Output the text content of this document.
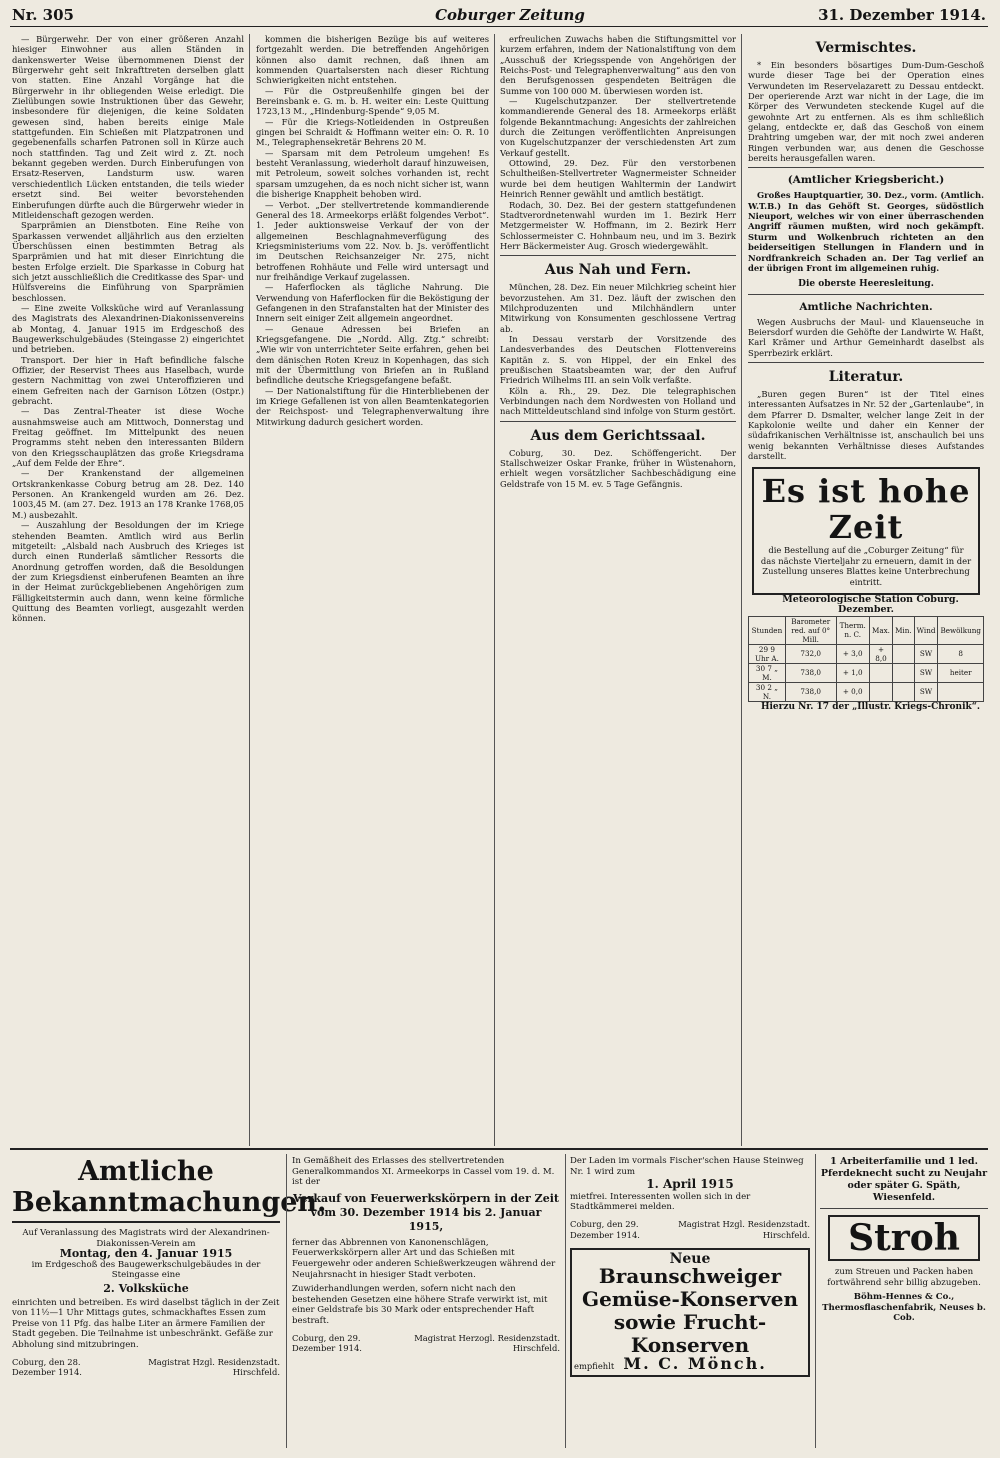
Nr. 305	Coburger Zeitung	31. Dezember 1914.

— Bürgerwehr. Der von einer größeren Anzahl hiesiger Einwohner aus allen Ständen in dankenswerter Weise übernommenen Dienst der Bürgerwehr geht seit Inkrafttreten derselben glatt von statten. Eine Anzahl Vorgänge hat die Bürgerwehr in ihr obliegenden Weise erledigt. Die Zielübungen sowie Instruktionen über das Gewehr, insbesondere für diejenigen, die keine Soldaten gewesen sind, haben bereits einige Male stattgefunden. Ein Schießen mit Platzpatronen und gegebenenfalls scharfen Patronen soll in Kürze auch noch stattfinden. Tag und Zeit wird z. Zt. noch bekannt gegeben werden. Durch Einberufungen von Ersatz-Reserven, Landsturm usw. waren verschiedentlich Lücken entstanden, die teils wieder ersetzt sind. Bei weiter bevorstehenden Einberufungen dürfte auch die Bürgerwehr wieder in Mitleidenschaft gezogen werden.

Sparprämien an Dienstboten. Eine Reihe von Sparkassen verwendet alljährlich aus den erzielten Überschüssen einen bestimmten Betrag als Sparprämien und hat mit dieser Einrichtung die besten Erfolge erzielt. Die Sparkasse in Coburg hat sich jetzt ausschließlich die Creditkasse des Spar- und Hülfsvereins die Einführung von Sparprämien beschlossen.

— Eine zweite Volksküche wird auf Veranlassung des Magistrats des Alexandrinen-Diakonissenvereins ab Montag, 4. Januar 1915 im Erdgeschoß des Baugewerkschulgebäudes (Steingasse 2) eingerichtet und betrieben.

Transport. Der hier in Haft befindliche falsche Offizier, der Reservist Thees aus Haselbach, wurde gestern Nachmittag von zwei Unteroffizieren und einem Gefreiten nach der Garnison Lötzen (Ostpr.) gebracht.

— Das Zentral-Theater ist diese Woche ausnahmsweise auch am Mittwoch, Donnerstag und Freitag geöffnet. Im Mittelpunkt des neuen Programms steht neben den interessanten Bildern von den Kriegsschauplätzen das große Kriegsdrama „Auf dem Felde der Ehre“.

— Der Krankenstand der allgemeinen Ortskrankenkasse Coburg betrug am 28. Dez. 140 Personen. An Krankengeld wurden am 26. Dez. 1003,45 M. (am 27. Dez. 1913 an 178 Kranke 1768,05 M.) ausbezahlt.

— Auszahlung der Besoldungen der im Kriege stehenden Beamten. Amtlich wird aus Berlin mitgeteilt: „Alsbald nach Ausbruch des Krieges ist durch einen Runderlaß sämtlicher Ressorts die Anordnung getroffen worden, daß die Besoldungen der zum Kriegsdienst einberufenen Beamten an ihre in der Heimat zurückgebliebenen Angehörigen zum Fälligkeitstermin auch dann, wenn keine förmliche Quittung des Beamten vorliegt, ausgezahlt werden können.

kommen die bisherigen Bezüge bis auf weiteres fortgezahlt werden. Die betreffenden Angehörigen können also damit rechnen, daß ihnen am kommenden Quartalsersten nach dieser Richtung Schwierigkeiten nicht entstehen.

— Für die Ostpreußenhilfe gingen bei der Bereinsbank e. G. m. b. H. weiter ein: Leste Quittung 1723,13 M., „Hindenburg-Spende“ 9,05 M.

— Für die Kriegs-Notleidenden in Ostpreußen gingen bei Schraidt & Hoffmann weiter ein: O. R. 10 M., Telegraphensekretär Behrens 20 M.

— Sparsam mit dem Petroleum umgehen! Es besteht Veranlassung, wiederholt darauf hinzuweisen, mit Petroleum, soweit solches vorhanden ist, recht sparsam umzugehen, da es noch nicht sicher ist, wann die bisherige Knappheit behoben wird.

— Verbot. „Der stellvertretende kommandierende General des 18. Armeekorps erläßt folgendes Verbot“. 1. Jeder auktionsweise Verkauf der von der allgemeinen Beschlagnahmeverfügung des Kriegsministeriums vom 22. Nov. b. Js. veröffentlicht im Deutschen Reichsanzeiger Nr. 275, nicht betroffenen Rohhäute und Felle wird untersagt und nur freihändige Verkauf zugelassen.

— Haferflocken als tägliche Nahrung. Die Verwendung von Haferflocken für die Beköstigung der Gefangenen in den Strafanstalten hat der Minister des Innern seit einiger Zeit allgemein angeordnet.

— Genaue Adressen bei Briefen an Kriegsgefangene. Die „Nordd. Allg. Ztg.“ schreibt: „Wie wir von unterrichteter Seite erfahren, gehen bei dem dänischen Roten Kreuz in Kopenhagen, das sich mit der Übermittlung von Briefen an in Rußland befindliche deutsche Kriegsgefangene befaßt.

— Der Nationalstiftung für die Hinterbliebenen der im Kriege Gefallenen ist von allen Beamtenkategorien der Reichspost- und Telegraphenverwaltung ihre Mitwirkung dadurch gesichert worden.

erfreulichen Zuwachs haben die Stiftungsmittel vor kurzem erfahren, indem der Nationalstiftung von dem „Ausschuß der Kriegsspende von Angehörigen der Reichs-Post- und Telegraphenverwaltung“ aus den von den Berufsgenossen gespendeten Beiträgen die Summe von 100 000 M. überwiesen worden ist.

— Kugelschutzpanzer. Der stellvertretende kommandierende General des 18. Armeekorps erläßt folgende Bekanntmachung: Angesichts der zahlreichen durch die Zeitungen veröffentlichten Anpreisungen von Kugelschutzpanzer der verschiedensten Art zum Verkauf gestellt.

Ottowind, 29. Dez. Für den verstorbenen Schultheißen-Stellvertreter Wagnermeister Schneider wurde bei dem heutigen Wahltermin der Landwirt Heinrich Renner gewählt und amtlich bestätigt.

Rodach, 30. Dez. Bei der gestern stattgefundenen Stadtverordnetenwahl wurden im 1. Bezirk Herr Metzgermeister W. Hoffmann, im 2. Bezirk Herr Schlossermeister C. Hohnbaum neu, und im 3. Bezirk Herr Bäckermeister Aug. Grosch wiedergewählt.

Aus Nah und Fern.

München, 28. Dez. Ein neuer Milchkrieg scheint hier bevorzustehen. Am 31. Dez. läuft der zwischen den Milchproduzenten und Milchhändlern unter Mitwirkung von Konsumenten geschlossene Vertrag ab.

In Dessau verstarb der Vorsitzende des Landesverbandes des Deutschen Flottenvereins Kapitän z. S. von Hippel, der ein Enkel des preußischen Staatsbeamten war, der den Aufruf Friedrich Wilhelms III. an sein Volk verfaßte.

Köln a. Rh., 29. Dez. Die telegraphischen Verbindungen nach dem Nordwesten von Holland und nach Mitteldeutschland sind infolge von Sturm gestört.

Aus dem Gerichtssaal.

Coburg, 30. Dez. Schöffengericht. Der Stallschweizer Oskar Franke, früher in Wüstenahorn, erhielt wegen vorsätzlicher Sachbeschädigung eine Geldstrafe von 15 M. ev. 5 Tage Gefängnis.

Vermischtes.

* Ein besonders bösartiges Dum-Dum-Geschoß wurde dieser Tage bei der Operation eines Verwundeten im Reservelazarett zu Dessau entdeckt. Der operierende Arzt war nicht in der Lage, die im Körper des Verwundeten steckende Kugel auf die gewohnte Art zu entfernen. Als es ihm schließlich gelang, entdeckte er, daß das Geschoß von einem Drahtring umgeben war, der mit noch zwei anderen Ringen verbunden war, aus denen die Geschosse bereits herausgefallen waren.

(Amtlicher Kriegsbericht.)

Großes Hauptquartier, 30. Dez., vorm. (Amtlich. W.T.B.) In das Gehöft St. Georges, südöstlich Nieuport, welches wir von einer überraschenden Angriff räumen mußten, wird noch gekämpft. Sturm und Wolkenbruch richteten an den beiderseitigen Stellungen in Flandern und in Nordfrankreich Schaden an. Der Tag verlief an der übrigen Front im allgemeinen ruhig.

Die oberste Heeresleitung.

Amtliche Nachrichten.

Wegen Ausbruchs der Maul- und Klauenseuche in Beiersdorf wurden die Gehöfte der Landwirte W. Haßt, Karl Krämer und Arthur Gemeinhardt daselbst als Sperrbezirk erklärt.

Literatur.

„Buren gegen Buren“ ist der Titel eines interessanten Aufsatzes in Nr. 52 der „Gartenlaube“, in dem Pfarrer D. Dsmalter, welcher lange Zeit in der Kapkolonie weilte und daher ein Kenner der südafrikanischen Verhältnisse ist, anschaulich bei uns wenig bekannten Verhältnisse dieses Aufstandes darstellt.

Es ist hohe Zeit
die Bestellung auf die „Coburger Zeitung“ für das nächste Vierteljahr zu erneuern, damit in der Zustellung unseres Blattes keine Unterbrechung eintritt.

Meteorologische Station Coburg. Dezember.

Stunden	Barometer red. auf 0° Mill.	Therm. n. C.	Max.	Min.	Wind	Bewölkung
29 9 Uhr A.	732,0	+ 3,0	+ 8,0		SW	8
30 7 „ M.	738,0	+ 1,0			SW	heiter
30 2 „ N.	738,0	+ 0,0			SW	

Hierzu Nr. 17 der „Illustr. Kriegs-Chronik“.

Amtliche Bekanntmachungen.

Auf Veranlassung des Magistrats wird der Alexandrinen-Diakonissen-Verein am

Montag, den 4. Januar 1915

im Erdgeschoß des Baugewerkschulgebäudes in der Steingasse eine

2. Volksküche

einrichten und betreiben. Es wird daselbst täglich in der Zeit von 11½—1 Uhr Mittags gutes, schmackhaftes Essen zum Preise von 11 Pfg. das halbe Liter an ärmere Familien der Stadt gegeben. Die Teilnahme ist unbeschränkt. Gefäße zur Abholung sind mitzubringen.

Coburg, den 28. Dezember 1914.
Magistrat Hzgl. Residenzstadt. Hirschfeld.

In Gemäßheit des Erlasses des stellvertretenden Generalkommandos XI. Armeekorps in Cassel vom 19. d. M. ist der

Verkauf von Feuerwerkskörpern in der Zeit vom 30. Dezember 1914 bis 2. Januar 1915,

ferner das Abbrennen von Kanonenschlägen, Feuerwerkskörpern aller Art und das Schießen mit Feuergewehr oder anderen Schießwerkzeugen während der Neujahrsnacht in hiesiger Stadt verboten.

Zuwiderhandlungen werden, sofern nicht nach den bestehenden Gesetzen eine höhere Strafe verwirkt ist, mit einer Geldstrafe bis 30 Mark oder entsprechender Haft bestraft.

Coburg, den 29. Dezember 1914.
Magistrat Herzogl. Residenzstadt. Hirschfeld.

Der Laden im vormals Fischer'schen Hause Steinweg Nr. 1 wird zum

1. April 1915

mietfrei. Interessenten wollen sich in der Stadtkämmerei melden.

Coburg, den 29. Dezember 1914.
Magistrat Hzgl. Residenzstadt. Hirschfeld.
Neue
Braunschweiger Gemüse-Konserven
sowie Frucht-Konserven
empfiehlt M. C. Mönch.

1 Arbeiterfamilie und 1 led. Pferdeknecht sucht zu Neujahr oder später G. Späth, Wiesenfeld.

Stroh

zum Streuen und Packen haben fortwährend sehr billig abzugeben.

Böhm-Hennes & Co., Thermosflaschenfabrik, Neuses b. Cob.
